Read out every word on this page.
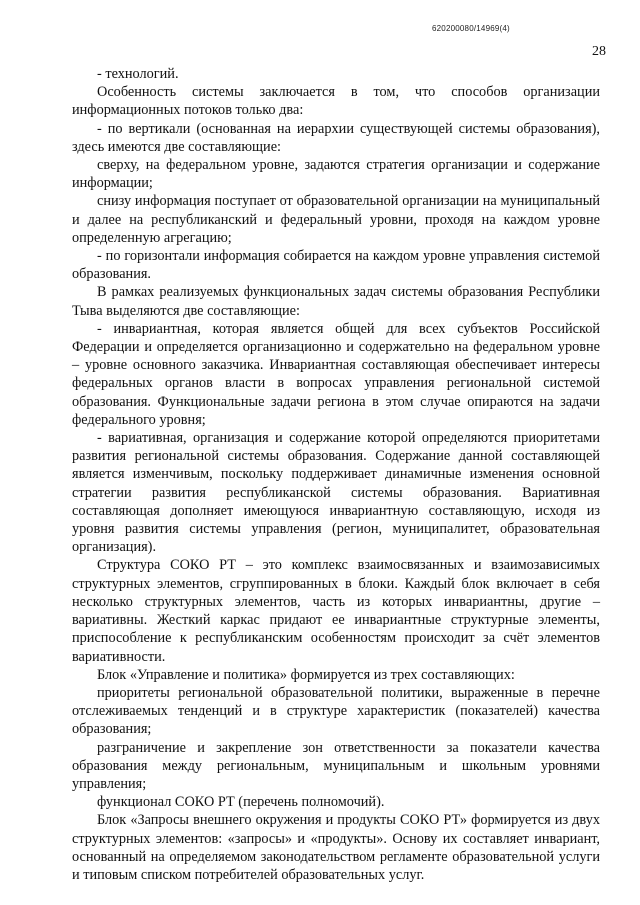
620200080/14969(4)
28

- технологий.

Особенность системы заключается в том, что способов организации информационных потоков только два:

- по вертикали (основанная на иерархии существующей системы образования), здесь имеются две составляющие:

сверху, на федеральном уровне, задаются стратегия организации и содержание информации;

снизу информация поступает от образовательной организации на муниципальный и далее на республиканский и федеральный уровни, проходя на каждом уровне определенную агрегацию;

- по горизонтали информация собирается на каждом уровне управления системой образования.

В рамках реализуемых функциональных задач системы образования Республики Тыва выделяются две составляющие:

- инвариантная, которая является общей для всех субъектов Российской Федерации и определяется организационно и содержательно на федеральном уровне – уровне основного заказчика. Инвариантная составляющая обеспечивает интересы федеральных органов власти в вопросах управления региональной системой образования. Функциональные задачи региона в этом случае опираются на задачи федерального уровня;

- вариативная, организация и содержание которой определяются приоритетами развития региональной системы образования. Содержание данной составляющей является изменчивым, поскольку поддерживает динамичные изменения основной стратегии развития республиканской системы образования. Вариативная составляющая дополняет имеющуюся инвариантную составляющую, исходя из уровня развития системы управления (регион, муниципалитет, образовательная организация).

Структура СОКО РТ – это комплекс взаимосвязанных и взаимозависимых структурных элементов, сгруппированных в блоки. Каждый блок включает в себя несколько структурных элементов, часть из которых инвариантны, другие – вариативны. Жесткий каркас придают ее инвариантные структурные элементы, приспособление к республиканским особенностям происходит за счёт элементов вариативности.

Блок «Управление и политика» формируется из трех составляющих:

приоритеты региональной образовательной политики, выраженные в перечне отслеживаемых тенденций и в структуре характеристик (показателей) качества образования;

разграничение и закрепление зон ответственности за показатели качества образования между региональным, муниципальным и школьным уровнями управления;

функционал СОКО РТ (перечень полномочий).

Блок «Запросы внешнего окружения и продукты СОКО РТ» формируется из двух структурных элементов: «запросы» и «продукты». Основу их составляет инвариант, основанный на определяемом законодательством регламенте образовательной услуги и типовым списком потребителей образовательных услуг.
